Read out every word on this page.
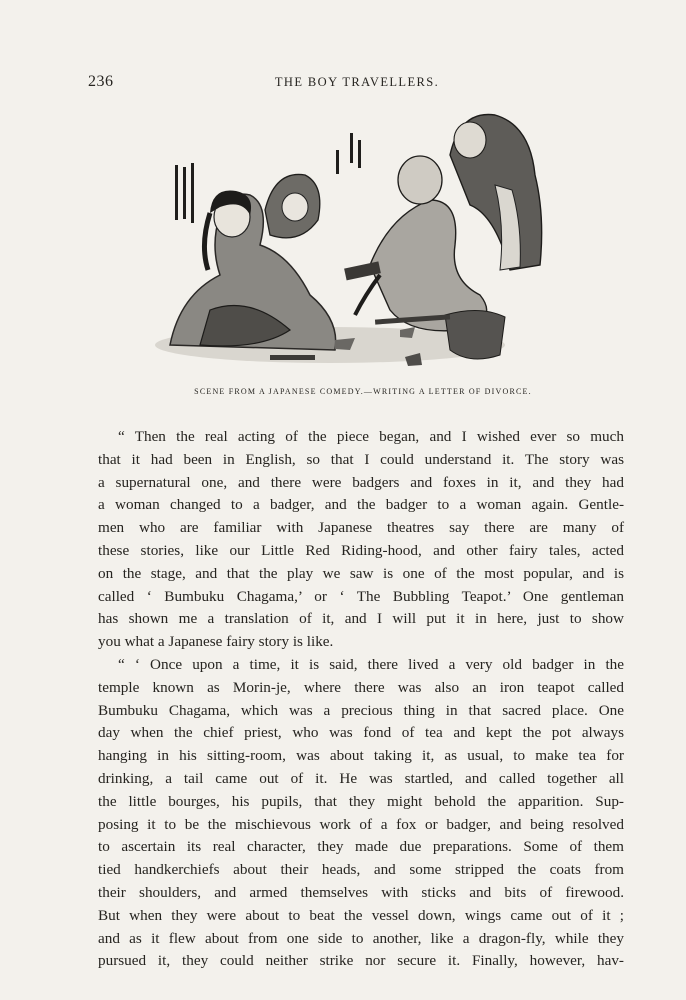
236	THE BOY TRAVELLERS.
SCENE FROM A JAPANESE COMEDY.—WRITING A LETTER OF DIVORCE.
“ Then the real acting of the piece began, and I wished ever so much
that it had been in English, so that I could understand it. The story was
a supernatural one, and there were badgers and foxes in it, and they had
a woman changed to a badger, and the badger to a woman again. Gentle-
men who are familiar with Japanese theatres say there are many of
these stories, like our Little Red Riding-hood, and other fairy tales, acted
on the stage, and that the play we saw is one of the most popular, and is
called ‘ Bumbuku Chagama,’ or ‘ The Bubbling Teapot.’ One gentleman
has shown me a translation of it, and I will put it in here, just to show
you what a Japanese fairy story is like.
“ ‘ Once upon a time, it is said, there lived a very old badger in the
temple known as Morin-je, where there was also an iron teapot called
Bumbuku Chagama, which was a precious thing in that sacred place. One
day when the chief priest, who was fond of tea and kept the pot always
hanging in his sitting-room, was about taking it, as usual, to make tea for
drinking, a tail came out of it. He was startled, and called together all
the little bourges, his pupils, that they might behold the apparition. Sup-
posing it to be the mischievous work of a fox or badger, and being resolved
to ascertain its real character, they made due preparations. Some of them
tied handkerchiefs about their heads, and some stripped the coats from
their shoulders, and armed themselves with sticks and bits of firewood.
But when they were about to beat the vessel down, wings came out of it ;
and as it flew about from one side to another, like a dragon-fly, while they
pursued it, they could neither strike nor secure it. Finally, however, hav-
